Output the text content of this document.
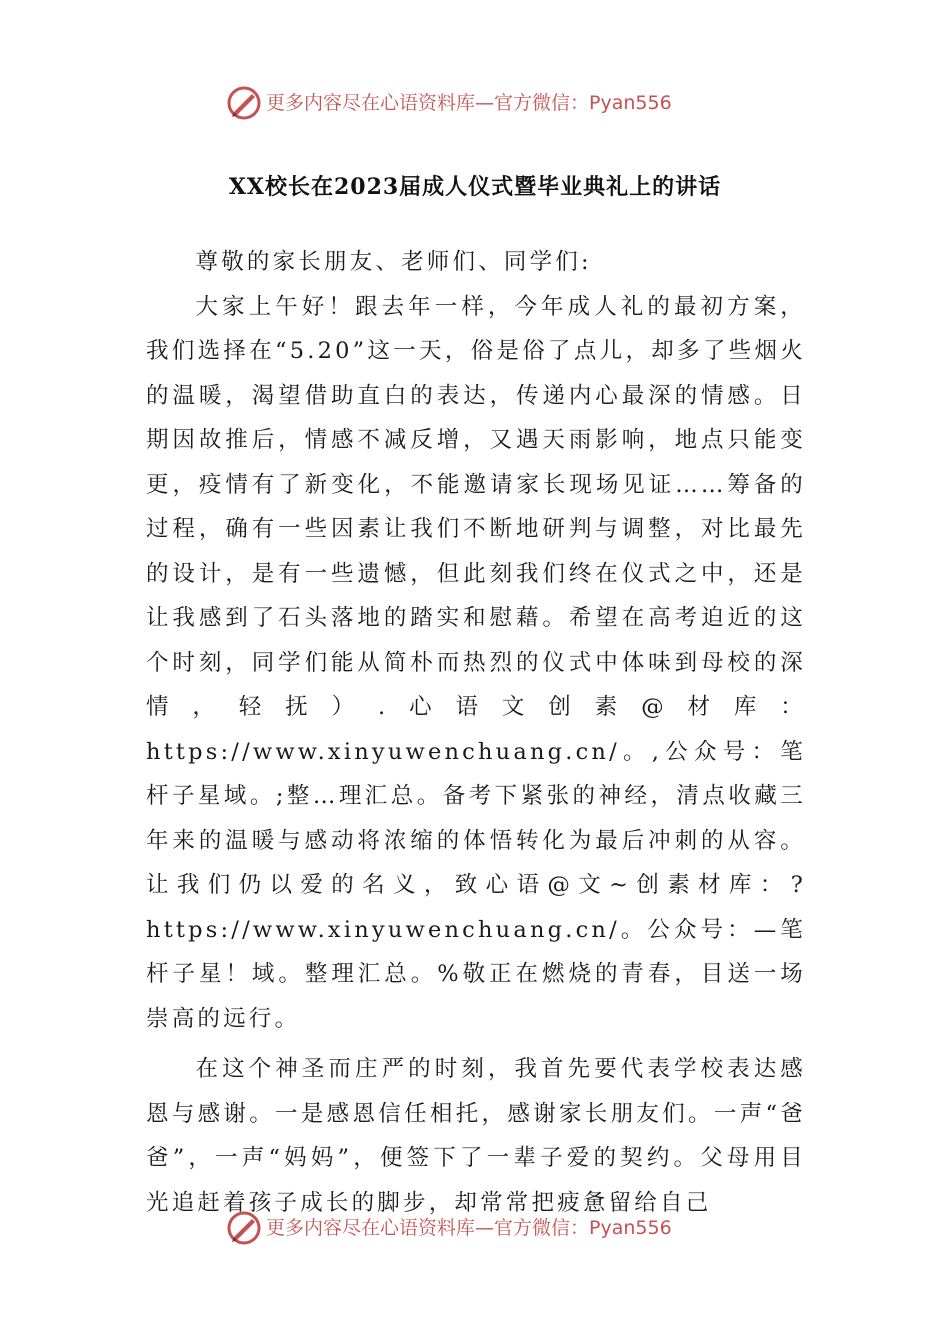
更多内容尽在心语资料库—官方微信：Pyan556
XX校长在2023届成人仪式暨毕业典礼上的讲话

尊敬的家长朋友、老师们、同学们:

大家上午好！跟去年一样，今年成人礼的最初方案，我们选择在“5.20”这一天，俗是俗了点儿，却多了些烟火的温暖，渴望借助直白的表达，传递内心最深的情感。日期因故推后，情感不减反增，又遇天雨影响，地点只能变更，疫情有了新变化，不能邀请家长现场见证……筹备的过程，确有一些因素让我们不断地研判与调整，对比最先的设计，是有一些遗憾，但此刻我们终在仪式之中，还是让我感到了石头落地的踏实和慰藉。希望在高考迫近的这个时刻，同学们能从简朴而热烈的仪式中体味到母校的深情，轻抚）.心语文创素@材库：https://www.xinyuwenchuang.cn/。,公众号：笔杆子星域。;整…理汇总。备考下紧张的神经，清点收藏三年来的温暖与感动将浓缩的体悟转化为最后冲刺的从容。让我们仍以爱的名义，致心语@文~创素材库：?https://www.xinyuwenchuang.cn/。公众号：—笔杆子星！域。整理汇总。%敬正在燃烧的青春，目送一场崇高的远行。

在这个神圣而庄严的时刻，我首先要代表学校表达感恩与感谢。一是感恩信任相托，感谢家长朋友们。一声“爸爸”，一声“妈妈”，便签下了一辈子爱的契约。父母用目光追赶着孩子成长的脚步，却常常把疲惫留给自己

更多内容尽在心语资料库—官方微信：Pyan556
